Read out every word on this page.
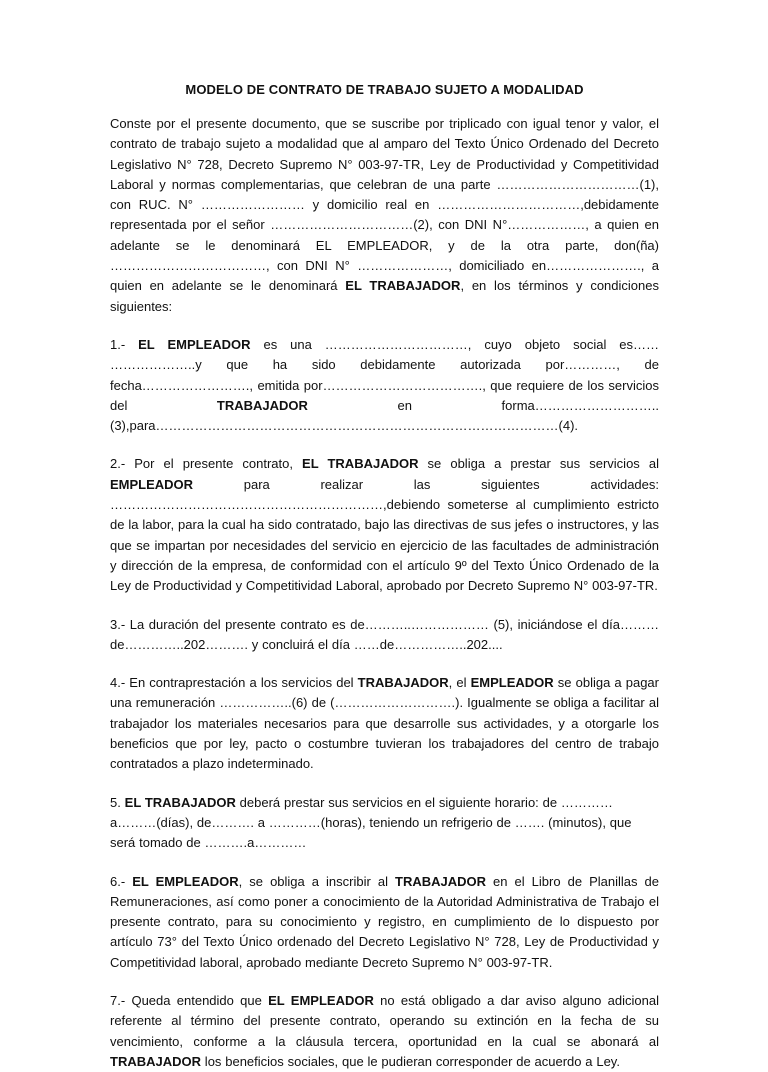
MODELO DE CONTRATO DE TRABAJO SUJETO A MODALIDAD

Conste por el presente documento, que se suscribe por triplicado con igual tenor y valor, el contrato de trabajo sujeto a modalidad que al amparo del Texto Único Ordenado del Decreto Legislativo N° 728, Decreto Supremo N° 003-97-TR, Ley de Productividad y Competitividad Laboral y normas complementarias, que celebran de una parte ……………………………(1), con RUC. N° …………………… y domicilio real en ……………………………,debidamente representada por el señor ……………………………(2), con DNI N°………………, a quien en adelante se le denominará EL EMPLEADOR, y de la otra parte, don(ña) ………………………………, con DNI N° …………………, domiciliado en…………………., a quien en adelante se le denominará EL TRABAJADOR, en los términos y condiciones siguientes:

1.- EL EMPLEADOR es una ……………………………, cuyo objeto social es…… ………………..y que ha sido debidamente autorizada por…………, de fecha……………………., emitida por………………………………., que requiere de los servicios del TRABAJADOR en forma……………………….. (3),para…………………………………………………………………………………(4).

2.- Por el presente contrato, EL TRABAJADOR se obliga a prestar sus servicios al EMPLEADOR para realizar las siguientes actividades: ………………………………………………………,debiendo someterse al cumplimiento estricto de la labor, para la cual ha sido contratado, bajo las directivas de sus jefes o instructores, y las que se impartan por necesidades del servicio en ejercicio de las facultades de administración y dirección de la empresa, de conformidad con el artículo 9º del Texto Único Ordenado de la Ley de Productividad y Competitividad Laboral, aprobado por Decreto Supremo N° 003-97-TR.

3.- La duración del presente contrato es de………..……………… (5), iniciándose el día………de…………..202………. y concluirá el día ……de……………..202....

4.- En contraprestación a los servicios del TRABAJADOR, el EMPLEADOR se obliga a pagar una remuneración ……………..(6) de (……………………….). Igualmente se obliga a facilitar al trabajador los materiales necesarios para que desarrolle sus actividades, y a otorgarle los beneficios que por ley, pacto o costumbre tuvieran los trabajadores del centro de trabajo contratados a plazo indeterminado.

5. EL TRABAJADOR deberá prestar sus servicios en el siguiente horario: de ………… a………(días), de………. a …………(horas), teniendo un refrigerio de ……. (minutos), que
será tomado de ……….a…………

6.- EL EMPLEADOR, se obliga a inscribir al TRABAJADOR en el Libro de Planillas de Remuneraciones, así como poner a conocimiento de la Autoridad Administrativa de Trabajo el presente contrato, para su conocimiento y registro, en cumplimiento de lo dispuesto por artículo 73° del Texto Único ordenado del Decreto Legislativo N° 728, Ley de Productividad y Competitividad laboral, aprobado mediante Decreto Supremo N° 003-97-TR.

7.- Queda entendido que EL EMPLEADOR no está obligado a dar aviso alguno adicional referente al término del presente contrato, operando su extinción en la fecha de su vencimiento, conforme a la cláusula tercera, oportunidad en la cual se abonará al TRABAJADOR los beneficios sociales, que le pudieran corresponder de acuerdo a Ley.
